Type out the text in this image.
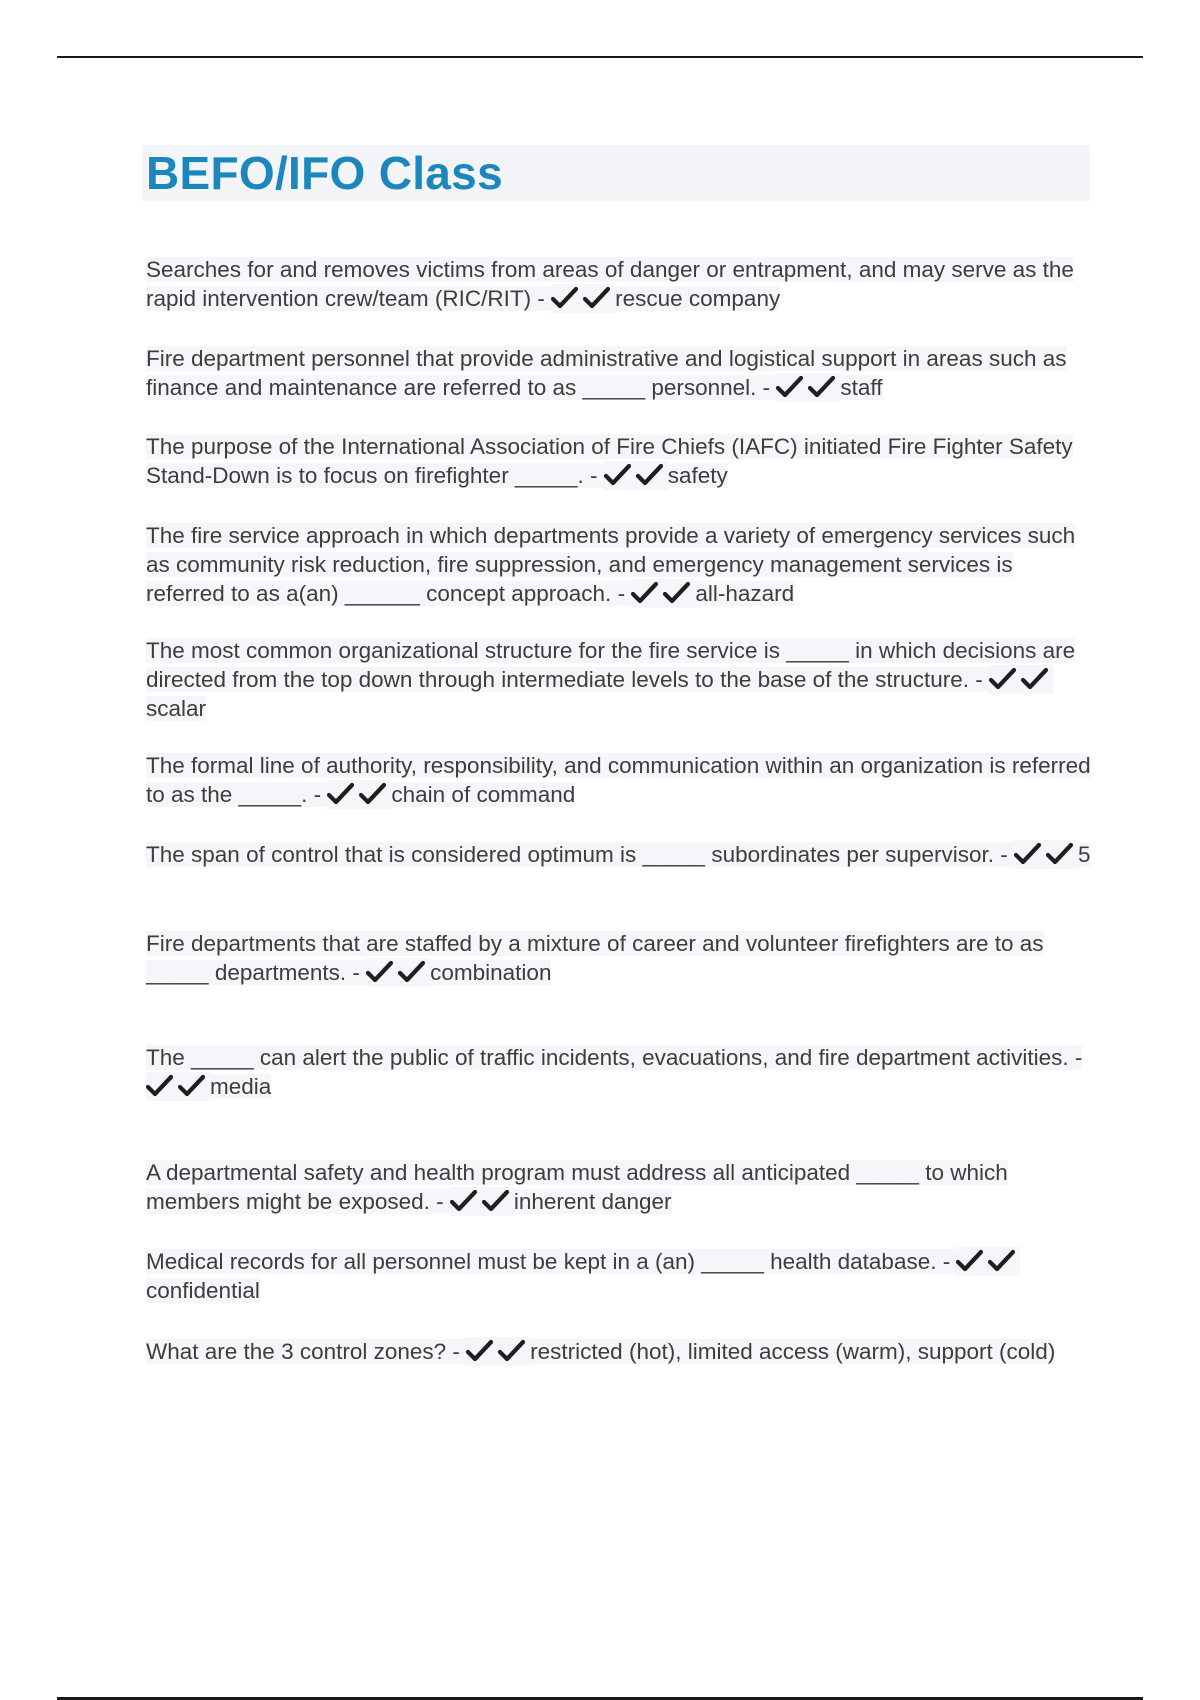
BEFO/IFO Class

Searches for and removes victims from areas of danger or entrapment, and may serve as the rapid intervention crew/team (RIC/RIT) -	rescue company

Fire department personnel that provide administrative and logistical support in areas such as finance and maintenance are referred to as _____ personnel. -	staff

The purpose of the International Association of Fire Chiefs (IAFC) initiated Fire Fighter Safety Stand-Down is to focus on firefighter _____. -	safety

The fire service approach in which departments provide a variety of emergency services such as community risk reduction, fire suppression, and emergency management services is referred to as a(an) ______ concept approach. -	all-hazard

The most common organizational structure for the fire service is _____ in which decisions are directed from the top down through intermediate levels to the base of the structure. -
scalar

The formal line of authority, responsibility, and communication within an organization is referred to as the _____. -	chain of command

The span of control that is considered optimum is _____ subordinates per supervisor. -	5

Fire departments that are staffed by a mixture of career and volunteer firefighters are to as _____ departments. -	combination

The _____ can alert the public of traffic incidents, evacuations, and fire department activities. -
media

A departmental safety and health program must address all anticipated _____ to which members might be exposed. -	inherent danger

Medical records for all personnel must be kept in a (an) _____ health database. -
confidential

What are the 3 control zones? -	restricted (hot), limited access (warm), support (cold)
